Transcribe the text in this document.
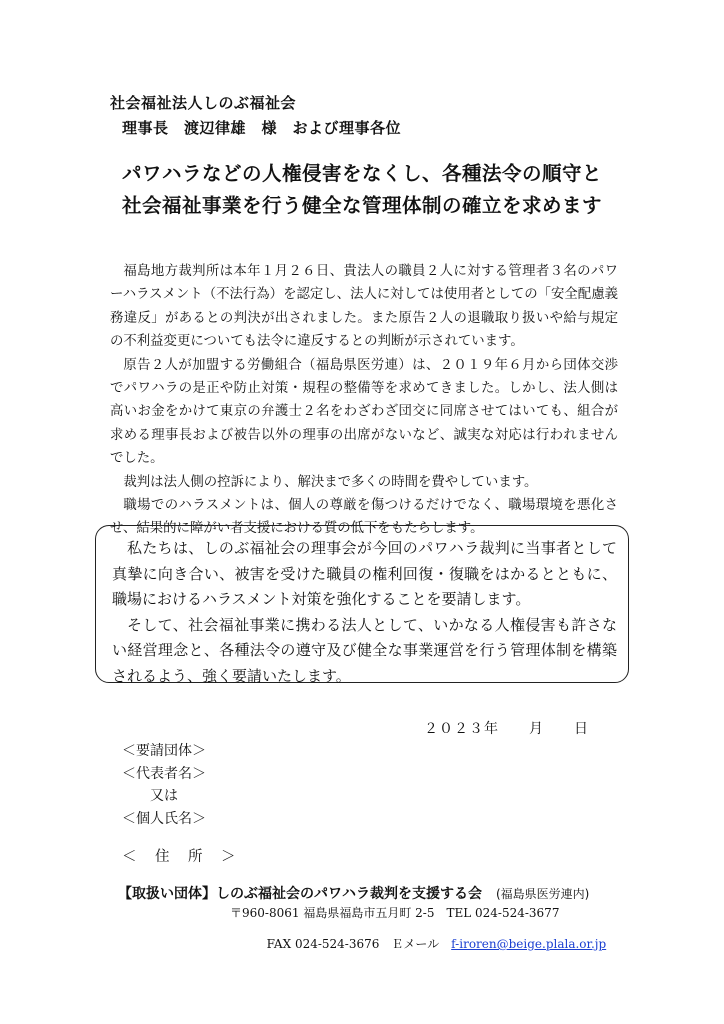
社会福祉法人しのぶ福祉会
理事長　渡辺律雄　様　および理事各位
パワハラなどの人権侵害をなくし、各種法令の順守と
社会福祉事業を行う健全な管理体制の確立を求めます

福島地方裁判所は本年１月２６日、貴法人の職員２人に対する管理者３名のパワーハラスメント（不法行為）を認定し、法人に対しては使用者としての「安全配慮義務違反」があるとの判決が出されました。また原告２人の退職取り扱いや給与規定の不利益変更についても法令に違反するとの判断が示されています。

原告２人が加盟する労働組合（福島県医労連）は、２０１９年６月から団体交渉でパワハラの是正や防止対策・規程の整備等を求めてきました。しかし、法人側は高いお金をかけて東京の弁護士２名をわざわざ団交に同席させてはいても、組合が求める理事長および被告以外の理事の出席がないなど、誠実な対応は行われませんでした。

裁判は法人側の控訴により、解決まで多くの時間を費やしています。

職場でのハラスメントは、個人の尊厳を傷つけるだけでなく、職場環境を悪化させ、結果的に障がい者支援における質の低下をもたらします。

私たちは、しのぶ福祉会の理事会が今回のパワハラ裁判に当事者として真摯に向き合い、被害を受けた職員の権利回復・復職をはかるとともに、職場におけるハラスメント対策を強化することを要請します。

そして、社会福祉事業に携わる法人として、いかなる人権侵害も許さない経営理念と、各種法令の遵守及び健全な事業運営を行う管理体制を構築されるよう、強く要請いたします。

２０２３年　　月　　日
＜要請団体＞
＜代表者名＞
又は
＜個人氏名＞
＜　住　所　＞
【取扱い団体】しのぶ福祉会のパワハラ裁判を支援する会 (福島県医労連内)
〒960-8061 福島県福島市五月町 2-5　TEL 024-524-3677

FAX 024-524-3676　Ｅメール　f-iroren@beige.plala.or.jp
